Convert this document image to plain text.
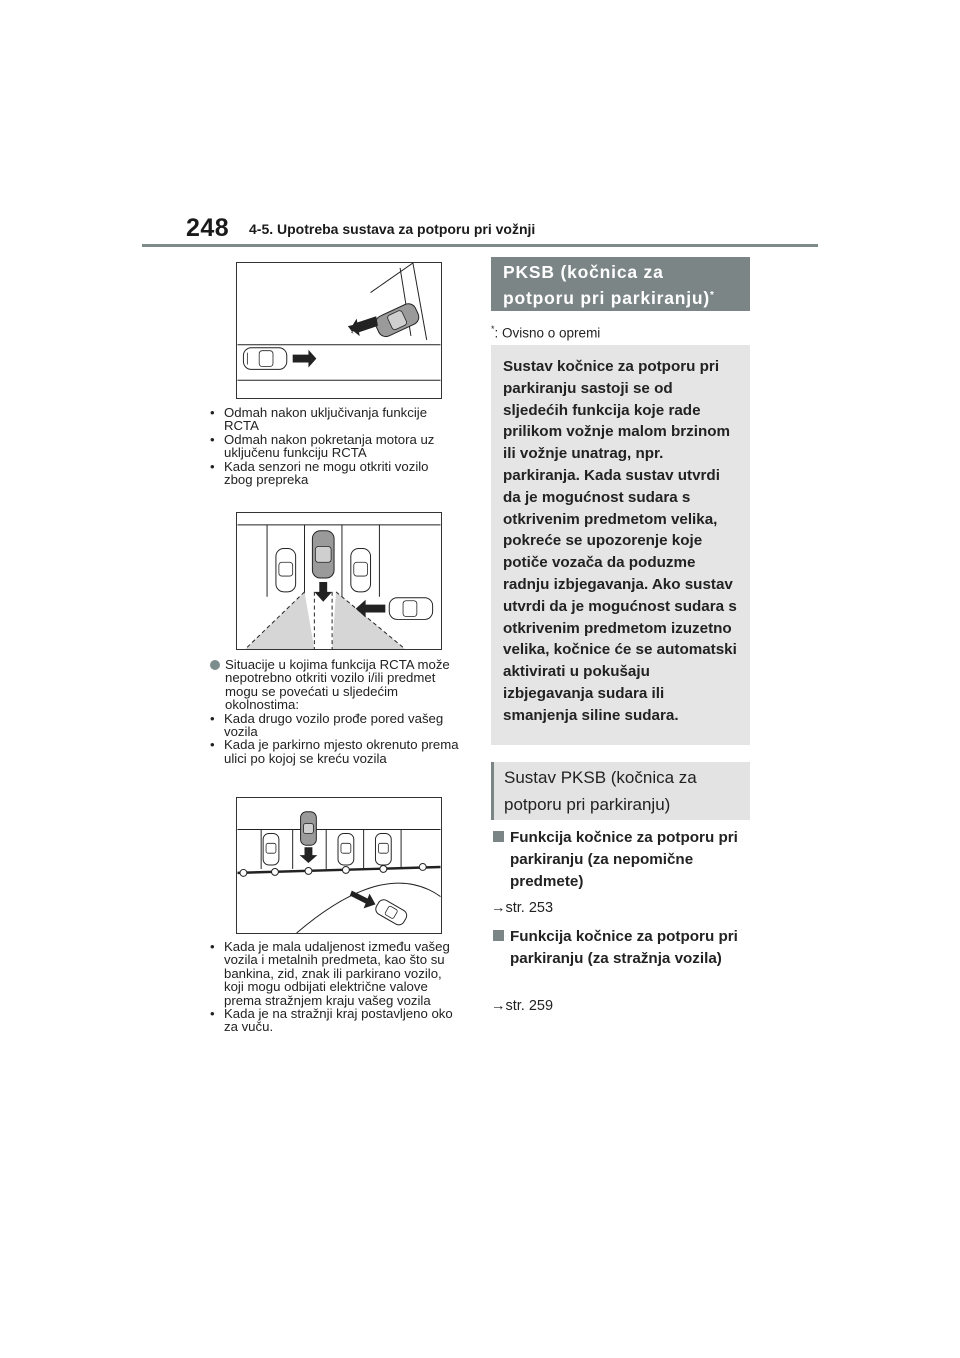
248 4-5. Upotreba sustava za potporu pri vožnji
• Odmah nakon uključivanja funkcije RCTA
• Odmah nakon pokretanja motora uz uključenu funkciju RCTA
• Kada senzori ne mogu otkriti vozilo zbog prepreka
Situacije u kojima funkcija RCTA može nepotrebno otkriti vozilo i/ili predmet mogu se povećati u sljedećim okolnostima:
• Kada drugo vozilo prođe pored vašeg vozila
• Kada je parkirno mjesto okrenuto prema ulici po kojoj se kreću vozila
• Kada je mala udaljenost između vašeg vozila i metalnih predmeta, kao što su bankina, zid, znak ili parkirano vozilo, koji mogu odbijati električne valove prema stražnjem kraju vašeg vozila
• Kada je na stražnji kraj postavljeno oko za vuču.
PKSB (kočnica za potporu pri parkiranju)*
*: Ovisno o opremi
Sustav kočnice za potporu pri parkiranju sastoji se od sljedećih funkcija koje rade prilikom vožnje malom brzinom ili vožnje unatrag, npr. parkiranja. Kada sustav utvrdi da je mogućnost sudara s otkrivenim predmetom velika, pokreće se upozorenje koje potiče vozača da poduzme radnju izbjegavanja. Ako sustav utvrdi da je mogućnost sudara s otkrivenim predmetom izuzetno velika, kočnice će se automatski aktivirati u pokušaju izbjegavanja sudara ili smanjenja siline sudara.
Sustav PKSB (kočnica za potporu pri parkiranju)
Funkcija kočnice za potporu pri parkiranju (za nepomične predmete)
→str. 253
Funkcija kočnice za potporu pri parkiranju (za stražnja vozila)
→str. 259
